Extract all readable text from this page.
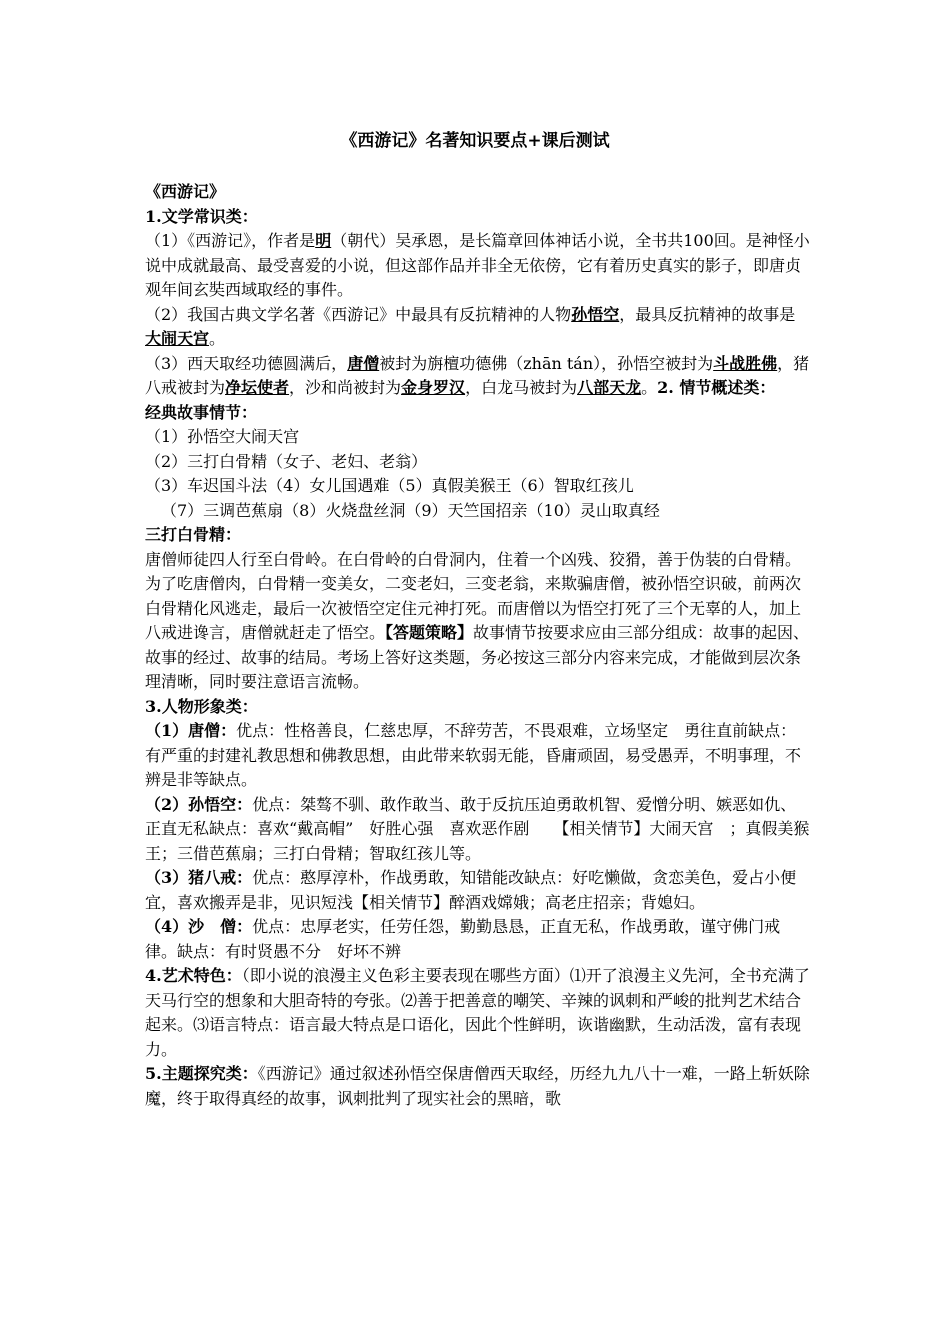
《西游记》名著知识要点+课后测试

《西游记》

1.文学常识类：

（1）《西游记》，作者是明（朝代）吴承恩，是长篇章回体神话小说，全书共100回。是神怪小说中成就最高、最受喜爱的小说，但这部作品并非全无依傍，它有着历史真实的影子，即唐贞观年间玄奘西域取经的事件。

（2）我国古典文学名著《西游记》中最具有反抗精神的人物孙悟空，最具反抗精神的故事是大闹天宫。

（3）西天取经功德圆满后，唐僧被封为旃檀功德佛（zhān tán），孙悟空被封为斗战胜佛，猪八戒被封为净坛使者，沙和尚被封为金身罗汉，白龙马被封为八部天龙。2. 情节概述类：

经典故事情节：

（1）孙悟空大闹天宫

（2）三打白骨精（女子、老妇、老翁）

（3）车迟国斗法（4）女儿国遇难（5）真假美猴王（6）智取红孩儿

（7）三调芭蕉扇（8）火烧盘丝洞（9）天竺国招亲（10）灵山取真经

三打白骨精：

唐僧师徒四人行至白骨岭。在白骨岭的白骨洞内，住着一个凶残、狡猾，善于伪装的白骨精。为了吃唐僧肉，白骨精一变美女，二变老妇，三变老翁，来欺骗唐僧，被孙悟空识破，前两次白骨精化风逃走，最后一次被悟空定住元神打死。而唐僧以为悟空打死了三个无辜的人，加上八戒进谗言，唐僧就赶走了悟空。【答题策略】故事情节按要求应由三部分组成：故事的起因、故事的经过、故事的结局。考场上答好这类题，务必按这三部分内容来完成，才能做到层次条理清晰，同时要注意语言流畅。

3.人物形象类：

（1）唐僧：优点：性格善良，仁慈忠厚，不辞劳苦，不畏艰难，立场坚定　勇往直前缺点：有严重的封建礼教思想和佛教思想，由此带来软弱无能，昏庸顽固，易受愚弄，不明事理，不辨是非等缺点。

（2）孙悟空：优点：桀骜不驯、敢作敢当、敢于反抗压迫勇敢机智、爱憎分明、嫉恶如仇、正直无私缺点：喜欢“戴高帽”　好胜心强　喜欢恶作剧　　【相关情节】大闹天宫　；真假美猴王；三借芭蕉扇；三打白骨精；智取红孩儿等。

（3）猪八戒：优点：憨厚淳朴，作战勇敢，知错能改缺点：好吃懒做，贪恋美色，爱占小便宜，喜欢搬弄是非，见识短浅【相关情节】醉酒戏嫦娥；高老庄招亲；背媳妇。

（4）沙　僧：优点：忠厚老实，任劳任怨，勤勤恳恳，正直无私，作战勇敢，谨守佛门戒律。缺点：有时贤愚不分　好坏不辨

4.艺术特色：（即小说的浪漫主义色彩主要表现在哪些方面）⑴开了浪漫主义先河，全书充满了天马行空的想象和大胆奇特的夸张。⑵善于把善意的嘲笑、辛辣的讽刺和严峻的批判艺术结合起来。⑶语言特点：语言最大特点是口语化，因此个性鲜明，诙谐幽默，生动活泼，富有表现力。

5.主题探究类：《西游记》通过叙述孙悟空保唐僧西天取经，历经九九八十一难，一路上斩妖除魔，终于取得真经的故事，讽刺批判了现实社会的黑暗，歌
